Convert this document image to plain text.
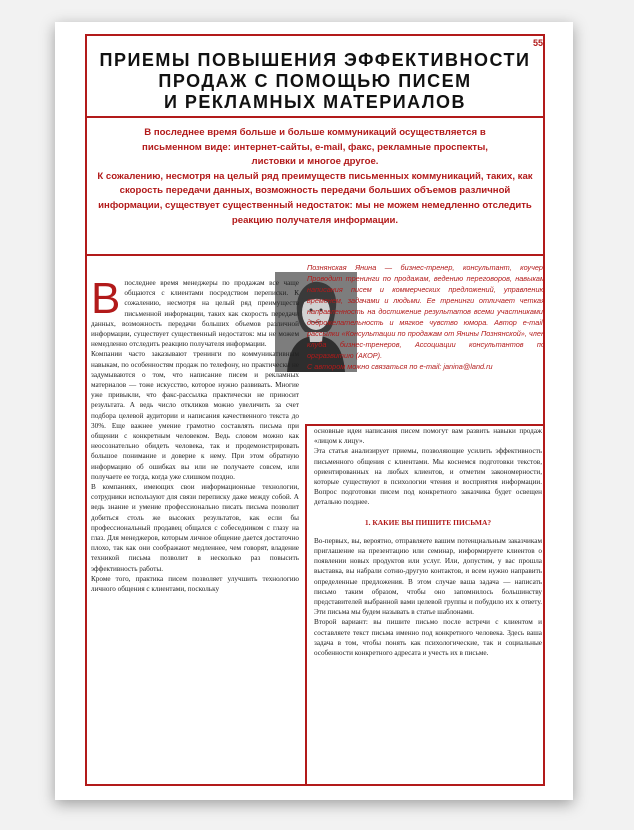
55
ПРИЕМЫ ПОВЫШЕНИЯ ЭФФЕКТИВНОСТИ
ПРОДАЖ С ПОМОЩЬЮ ПИСЕМ
И РЕКЛАМНЫХ МАТЕРИАЛОВ
В последнее время больше и больше коммуникаций осуществляется в письменном виде: интернет-сайты, e-mail, факс, рекламные проспекты, листовки и многое другое.
К сожалению, несмотря на целый ряд преимуществ письменных коммуникаций, таких, как скорость передачи данных, возможность передачи больших объемов различной информации, существует существенный недостаток: мы не можем немедленно отследить реакцию получателя информации.

Познянская Янина — бизнес-тренер, консультант, коучер. Проводит тренинги по продажам, ведению переговоров, навыкам написания писем и коммерческих предложений, управлению временем, задачами и людьми. Ее тренинги отличает четкая направленность на достижение результатов всеми участниками, доброжелательность и мягкое чувство юмора. Автор e-mail-рассылки «Консультации по продажам от Янины Познянской», член клуба бизнес-тренеров, Ассоциации консультантов по оргразвитию (АКОР).

С автором можно связаться по e-mail: janina@land.ru

Впоследнее время менеджеры по продажам все чаще общаются с клиентами посредством переписки. К сожалению, несмотря на целый ряд преимуществ письменной информации, таких как скорость передачи данных, возможность передачи больших объемов различной информации, существует существенный недостаток: мы не можем немедленно отследить реакцию получателя информации.

Компании часто заказывают тренинги по коммуникативным навыкам, по особенностям продаж по телефону, но практически не задумываются о том, что написание писем и рекламных материалов — тоже искусство, которое нужно развивать. Многие уже привыкли, что факс-рассылка практически не приносит результата. А ведь число откликов можно увеличить за счет подбора целевой аудитории и написания качественного текста до 30%. Еще важнее умение грамотно составлять письма при общении с конкретным человеком. Ведь словом можно как неосознательно обидеть человека, так и продемонстрировать большое понимание и доверие к нему. При этом обратную информацию об ошибках вы или не получаете совсем, или получаете ее тогда, когда уже слишком поздно.

В компаниях, имеющих свои информационные технологии, сотрудники используют для связи переписку даже между собой. А ведь знание и умение профессионально писать письма позволит добиться столь же высоких результатов, как если бы профессиональный продавец общался с собеседником с глазу на глаз. Для менеджеров, которым личное общение дается достаточно плохо, так как они соображают медленнее, чем говорят, владение техникой письма позволит в несколько раз повысить эффективность работы.

Кроме того, практика писем позволяет улучшить технологию личного общения с клиентами, поскольку

основные идеи написания писем помогут вам развить навыки продаж «лицом к лицу».

Эта статья анализирует приемы, позволяющие усилить эффективность письменного общения с клиентами. Мы коснемся подготовки текстов, ориентированных на любых клиентов, и отметим закономерности, которые существуют в психологии чтения и восприятия информации. Вопрос подготовки писем под конкретного заказчика будет освещен детально позднее.

1. КАКИЕ ВЫ ПИШИТЕ ПИСЬМА?

Во-первых, вы, вероятно, отправляете вашим потенциальным заказчикам приглашение на презентацию или семинар, информируете клиентов о появлении новых продуктов или услуг. Или, допустим, у вас прошла выставка, вы набрали сотню-другую контактов, и всем нужно направить определенные предложения. В этом случае ваша задача — написать письмо таким образом, чтобы оно запомнилось большинству представителей выбранной вами целевой группы и побудило их к ответу. Эти письма мы будем называть в статье шаблонами.

Второй вариант: вы пишите письмо после встречи с клиентом и составляете текст письма именно под конкретного человека. Здесь ваша задача в том, чтобы понять как психологические, так и социальные особенности конкретного адресата и учесть их в письме.
